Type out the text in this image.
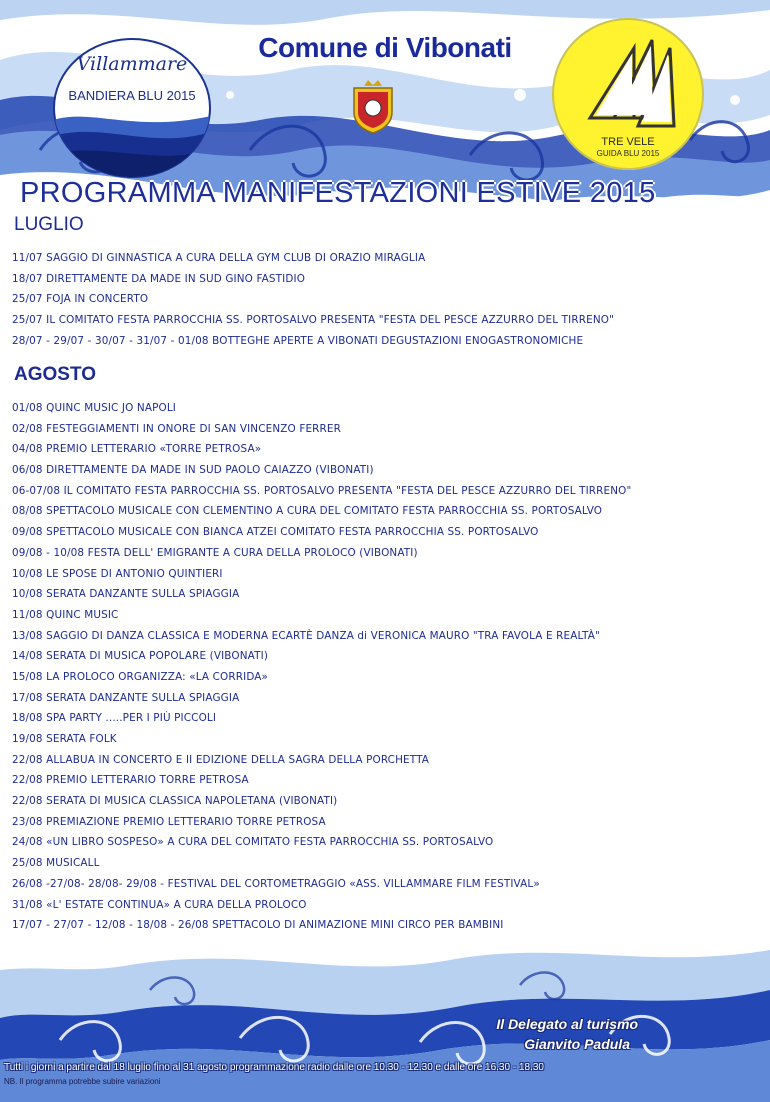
Villammare
BANDIERA BLU 2015
TRE VELE
GUIDA BLU 2015
Comune di Vibonati
PROGRAMMA MANIFESTAZIONI ESTIVE 2015
LUGLIO
11/07 SAGGIO DI GINNASTICA A CURA DELLA GYM CLUB DI ORAZIO MIRAGLIA
18/07 DIRETTAMENTE DA MADE IN SUD GINO FASTIDIO
25/07 FOJA IN CONCERTO
25/07 IL COMITATO FESTA PARROCCHIA SS. PORTOSALVO PRESENTA "FESTA DEL PESCE AZZURRO DEL TIRRENO"
28/07 - 29/07 - 30/07 - 31/07 - 01/08 BOTTEGHE APERTE A VIBONATI DEGUSTAZIONI ENOGASTRONOMICHE
AGOSTO
01/08 QUINC MUSIC JO NAPOLI
02/08 FESTEGGIAMENTI IN ONORE DI SAN VINCENZO FERRER
04/08 PREMIO LETTERARIO «TORRE PETROSA»
06/08 DIRETTAMENTE DA MADE IN SUD PAOLO CAIAZZO (VIBONATI)
06-07/08 IL COMITATO FESTA PARROCCHIA SS. PORTOSALVO PRESENTA "FESTA DEL PESCE AZZURRO DEL TIRRENO"
08/08 SPETTACOLO MUSICALE CON CLEMENTINO A CURA DEL COMITATO FESTA PARROCCHIA SS. PORTOSALVO
09/08 SPETTACOLO MUSICALE CON BIANCA ATZEI COMITATO FESTA PARROCCHIA SS. PORTOSALVO
09/08 - 10/08 FESTA DELL' EMIGRANTE A CURA DELLA PROLOCO (VIBONATI)
10/08 LE SPOSE DI ANTONIO QUINTIERI
10/08 SERATA DANZANTE SULLA SPIAGGIA
11/08 QUINC MUSIC
13/08 SAGGIO DI DANZA CLASSICA E MODERNA ECARTÈ DANZA di VERONICA MAURO "TRA FAVOLA E REALTÀ"
14/08 SERATA DI MUSICA POPOLARE (VIBONATI)
15/08 LA PROLOCO ORGANIZZA: «LA CORRIDA»
17/08 SERATA DANZANTE SULLA SPIAGGIA
18/08 SPA PARTY .....PER I PIÙ PICCOLI
19/08 SERATA FOLK
22/08 ALLABUA IN CONCERTO E II EDIZIONE DELLA SAGRA DELLA PORCHETTA
22/08 PREMIO LETTERARIO TORRE PETROSA
22/08 SERATA DI MUSICA CLASSICA NAPOLETANA (VIBONATI)
23/08 PREMIAZIONE PREMIO LETTERARIO TORRE PETROSA
24/08 «UN LIBRO SOSPESO» A CURA DEL COMITATO FESTA PARROCCHIA SS. PORTOSALVO
25/08 MUSICALL
26/08 -27/08- 28/08- 29/08 - FESTIVAL DEL CORTOMETRAGGIO «ASS. VILLAMMARE FILM FESTIVAL»
31/08 «L' ESTATE CONTINUA» A CURA DELLA PROLOCO
17/07 - 27/07 - 12/08 - 18/08 - 26/08 SPETTACOLO DI ANIMAZIONE MINI CIRCO PER BAMBINI
Il Delegato al turismo
Gianvito Padula
Tutti i giorni a partire dal 18 luglio fino al 31 agosto programmazione radio dalle ore 10.30 - 12.30 e dalle ore 16.30 - 18.30
NB. Il programma potrebbe subire variazioni
